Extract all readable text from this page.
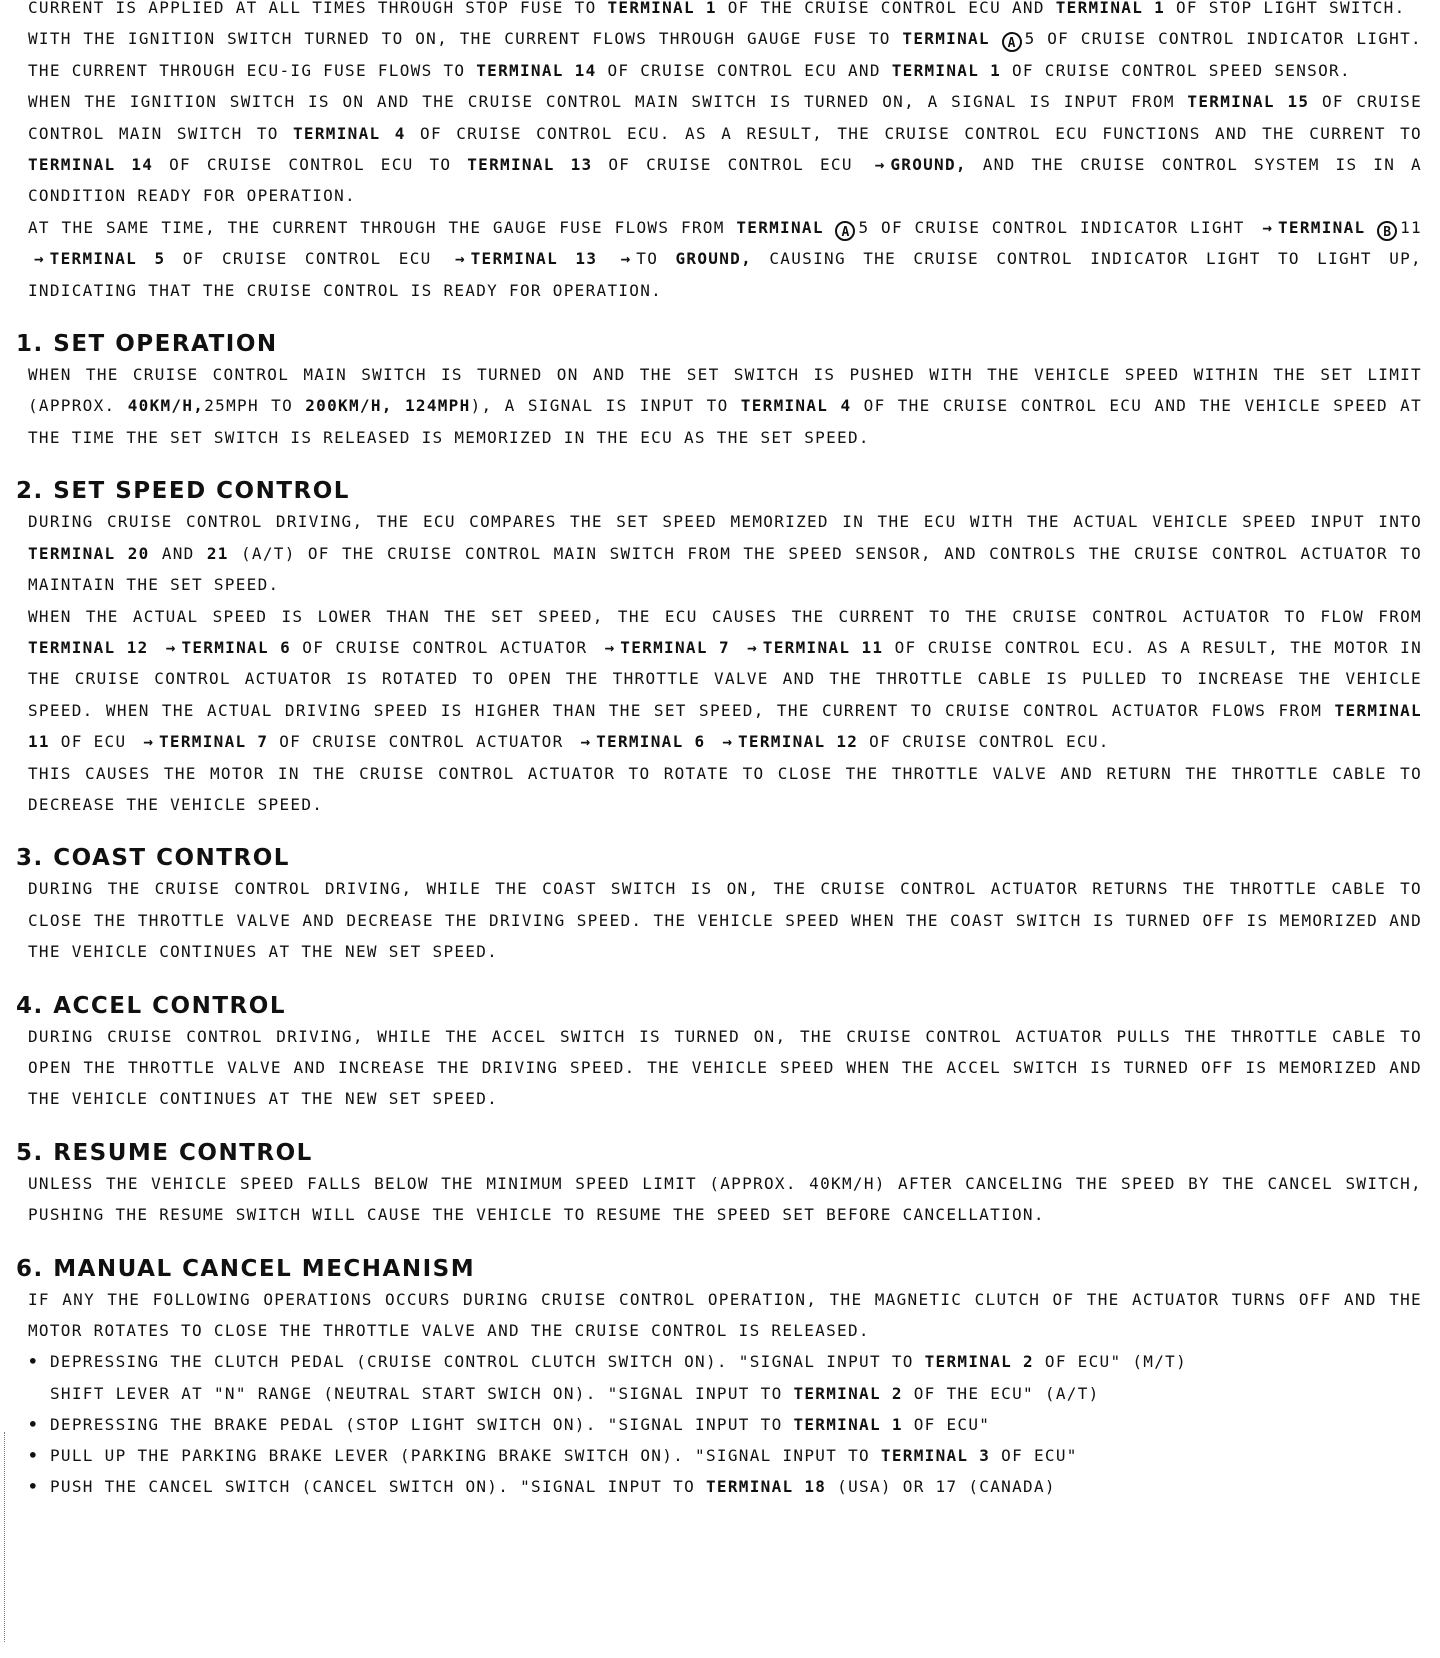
CURRENT IS APPLIED AT ALL TIMES THROUGH STOP FUSE TO TERMINAL 1 OF THE CRUISE CONTROL ECU AND TERMINAL 1 OF STOP LIGHT SWITCH.
WITH THE IGNITION SWITCH TURNED TO ON, THE CURRENT FLOWS THROUGH GAUGE FUSE TO TERMINAL A 5 OF CRUISE CONTROL INDICATOR LIGHT. THE CURRENT THROUGH ECU-IG FUSE FLOWS TO TERMINAL 14 OF CRUISE CONTROL ECU AND TERMINAL 1 OF CRUISE CONTROL SPEED SENSOR.
WHEN THE IGNITION SWITCH IS ON AND THE CRUISE CONTROL MAIN SWITCH IS TURNED ON, A SIGNAL IS INPUT FROM TERMINAL 15 OF CRUISE CONTROL MAIN SWITCH TO TERMINAL 4 OF CRUISE CONTROL ECU. AS A RESULT, THE CRUISE CONTROL ECU FUNCTIONS AND THE CURRENT TO TERMINAL 14 OF CRUISE CONTROL ECU TO TERMINAL 13 OF CRUISE CONTROL ECU → GROUND, AND THE CRUISE CONTROL SYSTEM IS IN A CONDITION READY FOR OPERATION.
AT THE SAME TIME, THE CURRENT THROUGH THE GAUGE FUSE FLOWS FROM TERMINAL A 5 OF CRUISE CONTROL INDICATOR LIGHT → TERMINAL B 11 → TERMINAL 5 OF CRUISE CONTROL ECU → TERMINAL 13 → TO GROUND, CAUSING THE CRUISE CONTROL INDICATOR LIGHT TO LIGHT UP, INDICATING THAT THE CRUISE CONTROL IS READY FOR OPERATION.
1. SET OPERATION
WHEN THE CRUISE CONTROL MAIN SWITCH IS TURNED ON AND THE SET SWITCH IS PUSHED WITH THE VEHICLE SPEED WITHIN THE SET LIMIT (APPROX. 40KM/H,25MPH TO 200KM/H, 124MPH), A SIGNAL IS INPUT TO TERMINAL 4 OF THE CRUISE CONTROL ECU AND THE VEHICLE SPEED AT THE TIME THE SET SWITCH IS RELEASED IS MEMORIZED IN THE ECU AS THE SET SPEED.
2. SET SPEED CONTROL
DURING CRUISE CONTROL DRIVING, THE ECU COMPARES THE SET SPEED MEMORIZED IN THE ECU WITH THE ACTUAL VEHICLE SPEED INPUT INTO TERMINAL 20 AND 21 (A/T) OF THE CRUISE CONTROL MAIN SWITCH FROM THE SPEED SENSOR, AND CONTROLS THE CRUISE CONTROL ACTUATOR TO MAINTAIN THE SET SPEED.
WHEN THE ACTUAL SPEED IS LOWER THAN THE SET SPEED, THE ECU CAUSES THE CURRENT TO THE CRUISE CONTROL ACTUATOR TO FLOW FROM TERMINAL 12 → TERMINAL 6 OF CRUISE CONTROL ACTUATOR → TERMINAL 7 → TERMINAL 11 OF CRUISE CONTROL ECU. AS A RESULT, THE MOTOR IN THE CRUISE CONTROL ACTUATOR IS ROTATED TO OPEN THE THROTTLE VALVE AND THE THROTTLE CABLE IS PULLED TO INCREASE THE VEHICLE SPEED. WHEN THE ACTUAL DRIVING SPEED IS HIGHER THAN THE SET SPEED, THE CURRENT TO CRUISE CONTROL ACTUATOR FLOWS FROM TERMINAL 11 OF ECU → TERMINAL 7 OF CRUISE CONTROL ACTUATOR → TERMINAL 6 → TERMINAL 12 OF CRUISE CONTROL ECU.
THIS CAUSES THE MOTOR IN THE CRUISE CONTROL ACTUATOR TO ROTATE TO CLOSE THE THROTTLE VALVE AND RETURN THE THROTTLE CABLE TO DECREASE THE VEHICLE SPEED.
3. COAST CONTROL
DURING THE CRUISE CONTROL DRIVING, WHILE THE COAST SWITCH IS ON, THE CRUISE CONTROL ACTUATOR RETURNS THE THROTTLE CABLE TO CLOSE THE THROTTLE VALVE AND DECREASE THE DRIVING SPEED. THE VEHICLE SPEED WHEN THE COAST SWITCH IS TURNED OFF IS MEMORIZED AND THE VEHICLE CONTINUES AT THE NEW SET SPEED.
4. ACCEL CONTROL
DURING CRUISE CONTROL DRIVING, WHILE THE ACCEL SWITCH IS TURNED ON, THE CRUISE CONTROL ACTUATOR PULLS THE THROTTLE CABLE TO OPEN THE THROTTLE VALVE AND INCREASE THE DRIVING SPEED. THE VEHICLE SPEED WHEN THE ACCEL SWITCH IS TURNED OFF IS MEMORIZED AND THE VEHICLE CONTINUES AT THE NEW SET SPEED.
5. RESUME CONTROL
UNLESS THE VEHICLE SPEED FALLS BELOW THE MINIMUM SPEED LIMIT (APPROX. 40KM/H) AFTER CANCELING THE SPEED BY THE CANCEL SWITCH, PUSHING THE RESUME SWITCH WILL CAUSE THE VEHICLE TO RESUME THE SPEED SET BEFORE CANCELLATION.
6. MANUAL CANCEL MECHANISM
IF ANY THE FOLLOWING OPERATIONS OCCURS DURING CRUISE CONTROL OPERATION, THE MAGNETIC CLUTCH OF THE ACTUATOR TURNS OFF AND THE MOTOR ROTATES TO CLOSE THE THROTTLE VALVE AND THE CRUISE CONTROL IS RELEASED.
• DEPRESSING THE CLUTCH PEDAL (CRUISE CONTROL CLUTCH SWITCH ON). "SIGNAL INPUT TO TERMINAL 2 OF ECU" (M/T)
SHIFT LEVER AT "N" RANGE (NEUTRAL START SWICH ON). "SIGNAL INPUT TO TERMINAL 2 OF THE ECU" (A/T)
• DEPRESSING THE BRAKE PEDAL (STOP LIGHT SWITCH ON). "SIGNAL INPUT TO TERMINAL 1 OF ECU"
• PULL UP THE PARKING BRAKE LEVER (PARKING BRAKE SWITCH ON). "SIGNAL INPUT TO TERMINAL 3 OF ECU"
• PUSH THE CANCEL SWITCH (CANCEL SWITCH ON). "SIGNAL INPUT TO TERMINAL 18 (USA) OR 17 (CANADA)
